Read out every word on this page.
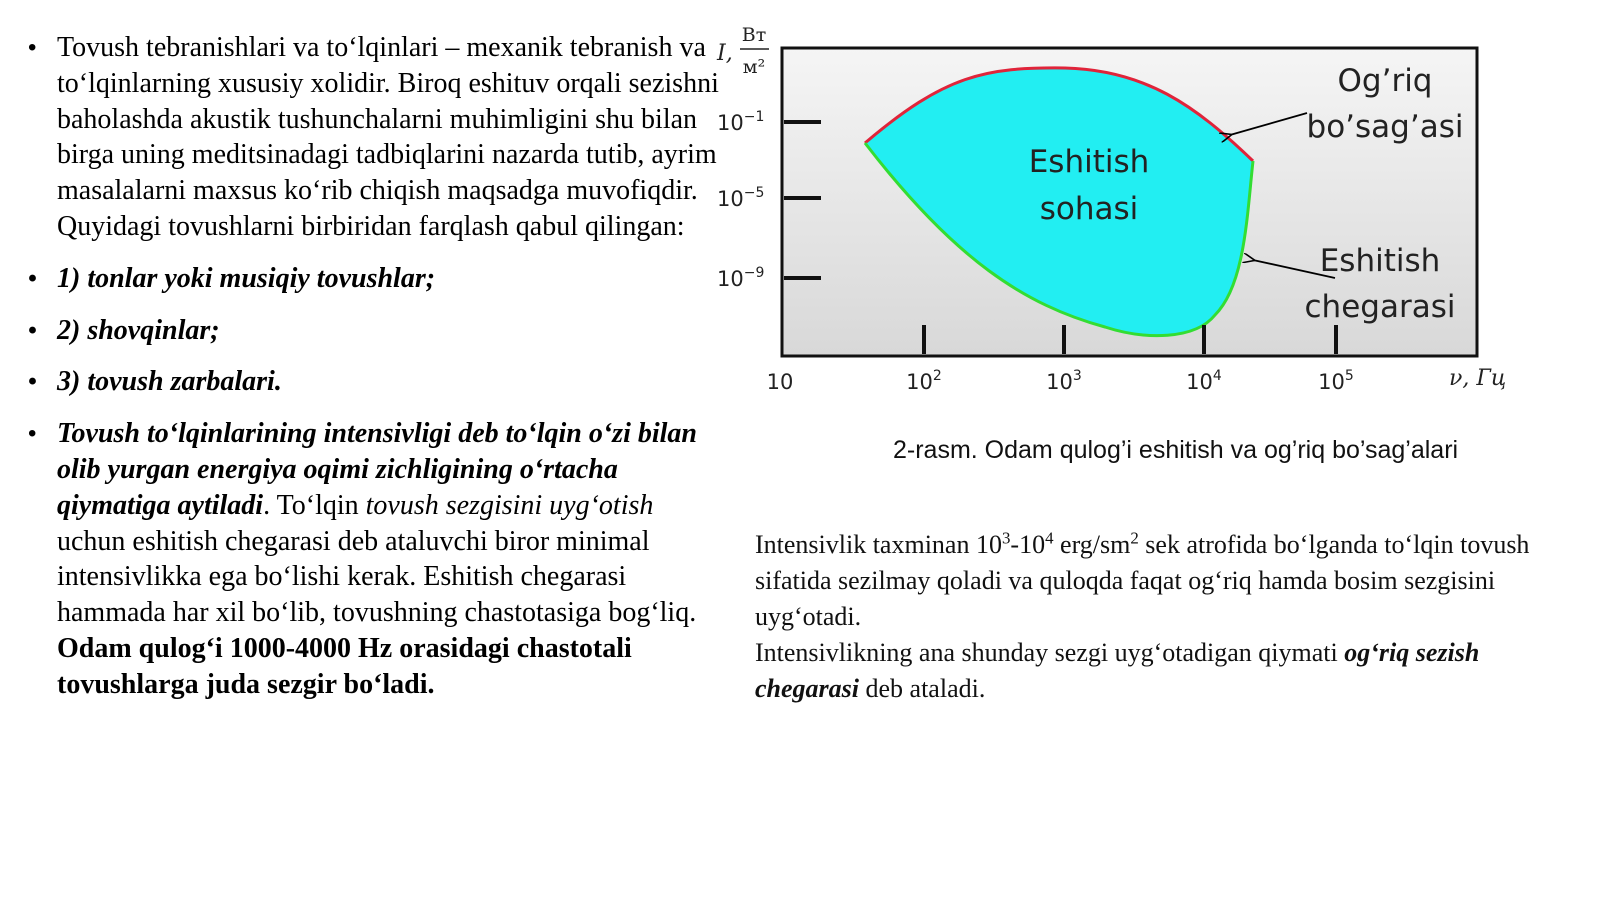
• Tovush tebranishlari va to‘lqinlari – mexanik tebranish va to‘lqinlarning xususiy xolidir. Biroq eshituv orqali sezishni baholashda akustik tushunchalarni muhimligini shu bilan birga uning meditsinadagi tadbiqlarini nazarda tutib, ayrim masalalarni maxsus ko‘rib chiqish maqsadga muvofiqdir. Quyidagi tovushlarni birbiridan farqlash qabul qilingan:
• 1) tonlar yoki musiqiy tovushlar;
• 2) shovqinlar;
• 3) tovush zarbalari.
• Tovush to‘lqinlarining intensivligi deb to‘lqin o‘zi bilan olib yurgan energiya oqimi zichligining o‘rtacha qiymatiga aytiladi. To‘lqin tovush sezgisini uyg‘otish uchun eshitish chegarasi deb ataluvchi biror minimal intensivlikka ega bo‘lishi kerak. Eshitish chegarasi hammada har xil bo‘lib, tovushning chastotasiga bog‘liq. Odam qulog‘i 1000-4000 Hz orasidagi chastotali tovushlarga juda sezgir bo‘ladi.
$10^{-1}$
$10^{-5}$
$10^{-9}$
10	$10^2$	$10^3$	$10^4$	$10^5$	ν, Гц
I,
Вт
м²
Eshitish
sohasi
Og’riq
bo’sag’asi
Eshitish
chegarasi
2-rasm. Odam qulog’i eshitish va og’riq bo’sag’alari

Intensivlik taxminan $10^3-10^4$ erg/$sm^2$ sek atrofida bo‘lganda to‘lqin tovush sifatida sezilmay qoladi va quloqda faqat og‘riq hamda bosim sezgisini uyg‘otadi.

Intensivlikning ana shunday sezgi uyg‘otadigan qiymati og‘riq sezish chegarasi deb ataladi.
